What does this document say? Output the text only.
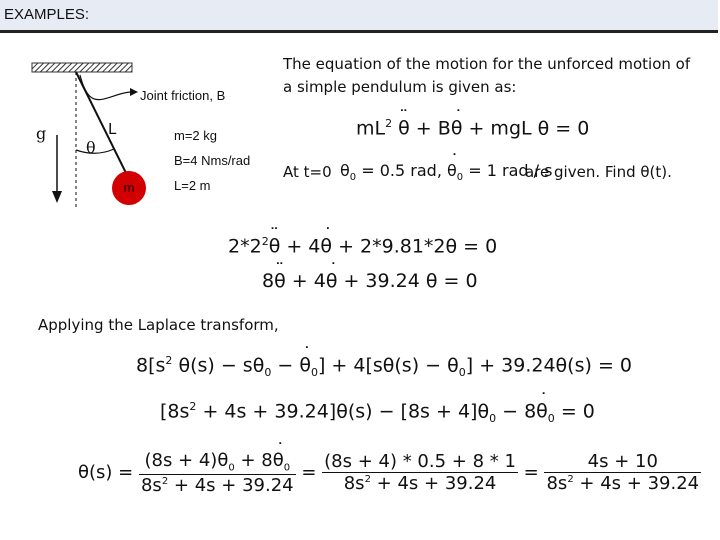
EXAMPLES:
Joint friction, B
g	L
θ
m
m=2 kg
B=4 Nms/rad
L=2 m
The equation of the motion for the unforced motion of
a simple pendulum is given as:
$mL^2$ ¨ θ + B˙ θ + mgL θ = 0
At t=0 $\theta_0 = 0.5$ rad, ˙ $\theta_0 = 1$ rad / s
are given. Find θ(t).
$2*2^2¨$ θ + 4˙ θ + 2*9.81*2θ = 0
8¨ θ + 4˙ θ + 39.24 θ = 0
Applying the Laplace transform,
$8[s^2$ $\theta(s) - s\theta_0$ − ˙ $\theta_0] + 4[s\theta(s) - \theta_0] + 39.24\theta(s) = 0$
$[8s^2 + 4s + 39.24]\theta(s) - [8s + 4]\theta_0$ − 8˙ $\theta_0 = 0$
$\theta(s) = \frac{(8s + 4)\theta_0 + 8˙ \theta_0}{8s^2 + 4s + 39.24} = \frac{(8s + 4) * 0.5 + 8 * 1}{8s^2 + 4s + 39.24} = \frac{4s + 10}{8s^2 + 4s + 39.24}$
